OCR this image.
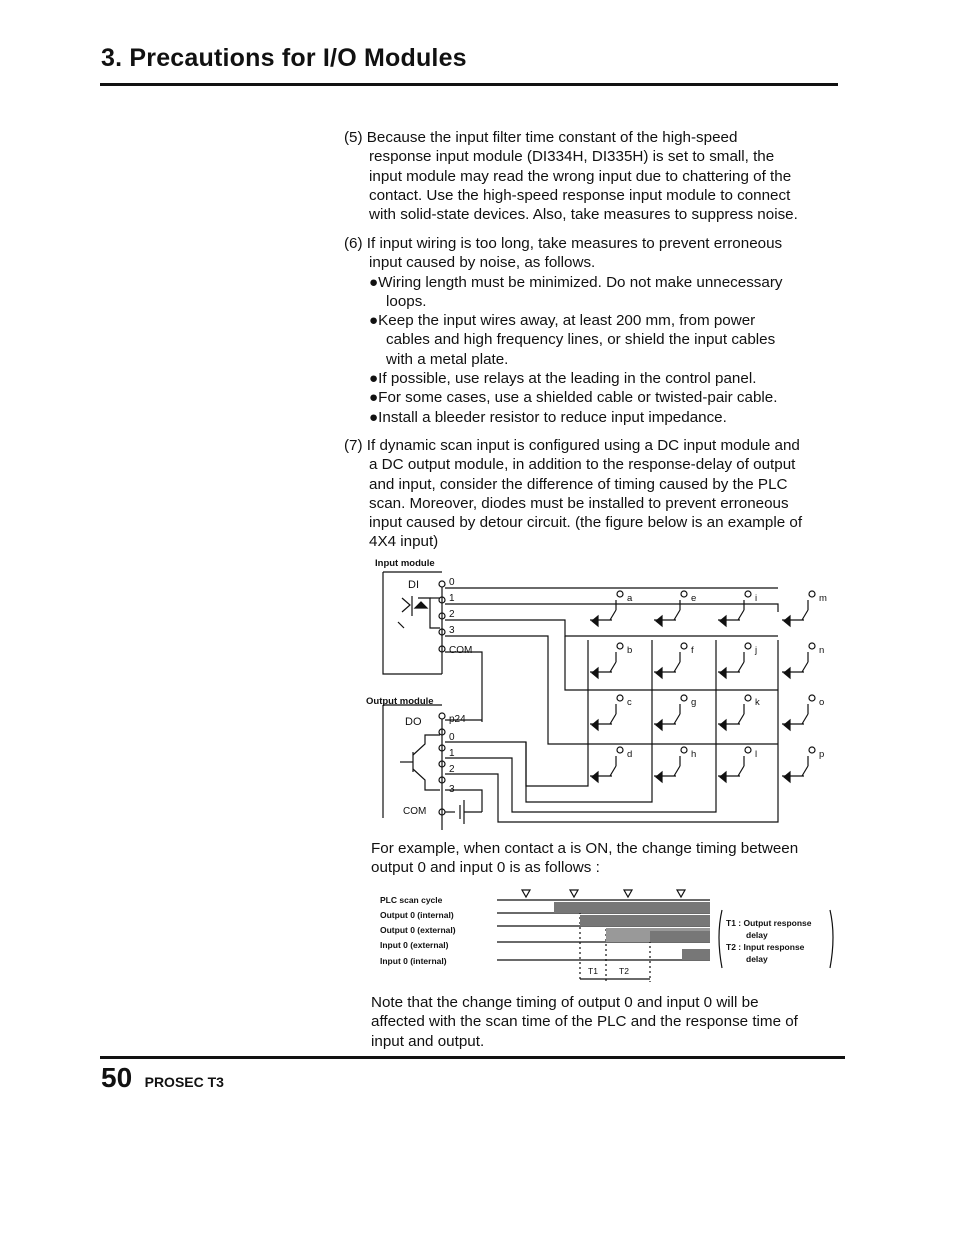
3. Precautions for I/O Modules
(5) Because the input filter time constant of the high-speed
response input module (DI334H, DI335H) is set to small, the
input module may read the wrong input due to chattering of the
contact. Use the high-speed response input module to connect
with solid-state devices. Also, take measures to suppress noise.
(6) If input wiring is too long, take measures to prevent erroneous
input caused by noise, as follows.
●Wiring length must be minimized. Do not make unnecessary
loops.
●Keep the input wires away, at least 200 mm, from power
cables and high frequency lines, or shield the input cables
with a metal plate.
●If possible, use relays at the leading in the control panel.
●For some cases, use a shielded cable or twisted-pair cable.
●Install a bleeder resistor to reduce input impedance.
(7) If dynamic scan input is configured using a DC input module and
a DC output module, in addition to the response-delay of output
and input, consider the difference of timing caused by the PLC
scan. Moreover, diodes must be installed to prevent erroneous
input caused by detour circuit. (the figure below is an example of
4X4 input)
Input module
DI	0
1
2
3
COM
Output module
DO	p24
0
1
2
3
COM
a
b
c
d
e
f
g
h
i
j
k
l
m
n
o
p
PLC scan cycle
Output 0 (internal)
Output 0 (external)
Input 0 (external)
Input 0 (internal)
T1 T2
T1 : Output response
delay
T2 : Input response
delay
For example, when contact a is ON, the change timing between
output 0 and input 0 is as follows :
Note that the change timing of output 0 and input 0 will be
affected with the scan time of the PLC and the response time of
input and output.
50 PROSEC T3
